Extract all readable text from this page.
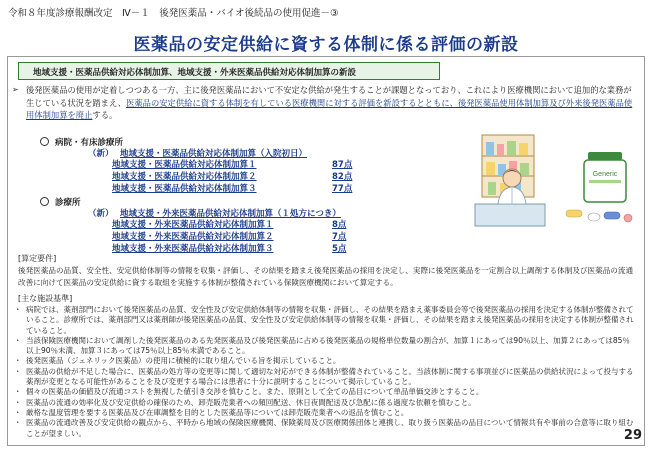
令和８年度診療報酬改定　Ⅳ－１　後発医薬品・バイオ後続品の使用促進－③
医薬品の安定供給に資する体制に係る評価の新設
地域支援・医薬品供給対応体制加算、地域支援・外来医薬品供給対応体制加算の新設
➢ 後発医薬品の使用が定着しつつある一方、主に後発医薬品において不安定な供給が発生することが課題となっており、これにより医療機関において追加的な業務が生じている状況を踏まえ、医薬品の安定供給に資する体制を有している医療機関に対する評価を新設するとともに、後発医薬品使用体制加算及び外来後発医薬品使用体制加算を廃止する。

病院・有床診療所
（新） 地域支援・医薬品供給対応体制加算（入院初日）
地域支援・医薬品供給対応体制加算１	87点
地域支援・医薬品供給対応体制加算２	82点
地域支援・医薬品供給対応体制加算３	77点
診療所
（新） 地域支援・外来医薬品供給対応体制加算（１処方につき）
地域支援・外来医薬品供給対応体制加算１	8点
地域支援・外来医薬品供給対応体制加算２	7点
地域支援・外来医薬品供給対応体制加算３	5点
Generic
[算定要件]
後発医薬品の品質、安全性、安定供給体制等の情報を収集・評価し、その結果を踏まえ後発医薬品の採用を決定し、実際に後発医薬品を一定割合以上調剤する体制及び医薬品の流通改善に向けて医薬品の安定供給に資する取組を実施する体制が整備されている保険医療機関において算定する。
[主な施設基準]
・ 病院では、薬剤部門において後発医薬品の品質、安全性及び安定供給体制等の情報を収集・評価し、その結果を踏まえ薬事委員会等で後発医薬品の採用を決定する体制が整備されていること。診療所では、薬剤部門又は薬剤師が後発医薬品の品質、安全性及び安定供給体制等の情報を収集・評価し、その結果を踏まえ後発医薬品の採用を決定する体制が整備されていること。
・ 当該保険医療機関において調剤した後発医薬品のある先発医薬品及び後発医薬品に占める後発医薬品の規格単位数量の割合が、加算１にあっては90％以上、加算２にあっては85％以上90％未満、加算３にあっては75％以上85％未満であること。
・ 後発医薬品（ジェネリック医薬品）の使用に積極的に取り組んでいる旨を掲示していること。
・ 医薬品の供給が不足した場合に、医薬品の処方等の変更等に関して適切な対応ができる体制が整備されていること。当該体制に関する事項並びに医薬品の供給状況によって投与する薬剤が変更となる可能性があることを及び変更する場合には患者に十分に説明することについて掲示していること。
・ 個々の医薬品の価値及び流通コストを無視した値引き交渉を慎むこと。また、原則として全ての品目について単品単価交渉とすること。
・ 医薬品の流通の効率化及び安定供給の確保のため、卸売販売業者への頻回配送、休日夜間配送及び急配に係る過度な依頼を慎むこと。
・ 厳格な温度管理を要する医薬品及び在庫調整を目的とした医薬品等については卸売販売業者への返品を慎むこと。
・ 医薬品の流通改善及び安定供給の観点から、平時から地域の保険医療機関、保険薬局及び医療関係団体と連携し、取り扱う医薬品の品目について情報共有や事前の合意等に取り組むことが望ましい。	29
